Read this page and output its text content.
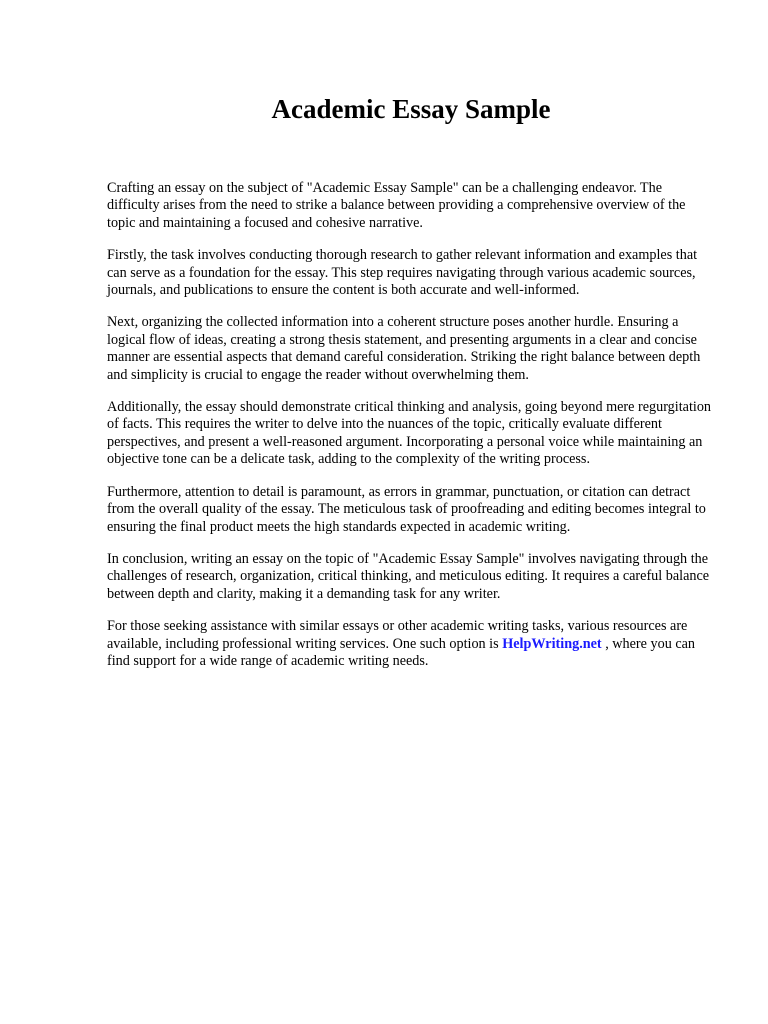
Academic Essay Sample

Crafting an essay on the subject of "Academic Essay Sample" can be a challenging endeavor. The difficulty arises from the need to strike a balance between providing a comprehensive overview of the topic and maintaining a focused and cohesive narrative.

Firstly, the task involves conducting thorough research to gather relevant information and examples that can serve as a foundation for the essay. This step requires navigating through various academic sources, journals, and publications to ensure the content is both accurate and well-informed.

Next, organizing the collected information into a coherent structure poses another hurdle. Ensuring a logical flow of ideas, creating a strong thesis statement, and presenting arguments in a clear and concise manner are essential aspects that demand careful consideration. Striking the right balance between depth and simplicity is crucial to engage the reader without overwhelming them.

Additionally, the essay should demonstrate critical thinking and analysis, going beyond mere regurgitation of facts. This requires the writer to delve into the nuances of the topic, critically evaluate different perspectives, and present a well-reasoned argument. Incorporating a personal voice while maintaining an objective tone can be a delicate task, adding to the complexity of the writing process.

Furthermore, attention to detail is paramount, as errors in grammar, punctuation, or citation can detract from the overall quality of the essay. The meticulous task of proofreading and editing becomes integral to ensuring the final product meets the high standards expected in academic writing.

In conclusion, writing an essay on the topic of "Academic Essay Sample" involves navigating through the challenges of research, organization, critical thinking, and meticulous editing. It requires a careful balance between depth and clarity, making it a demanding task for any writer.

For those seeking assistance with similar essays or other academic writing tasks, various resources are available, including professional writing services. One such option is HelpWriting.net , where you can find support for a wide range of academic writing needs.
